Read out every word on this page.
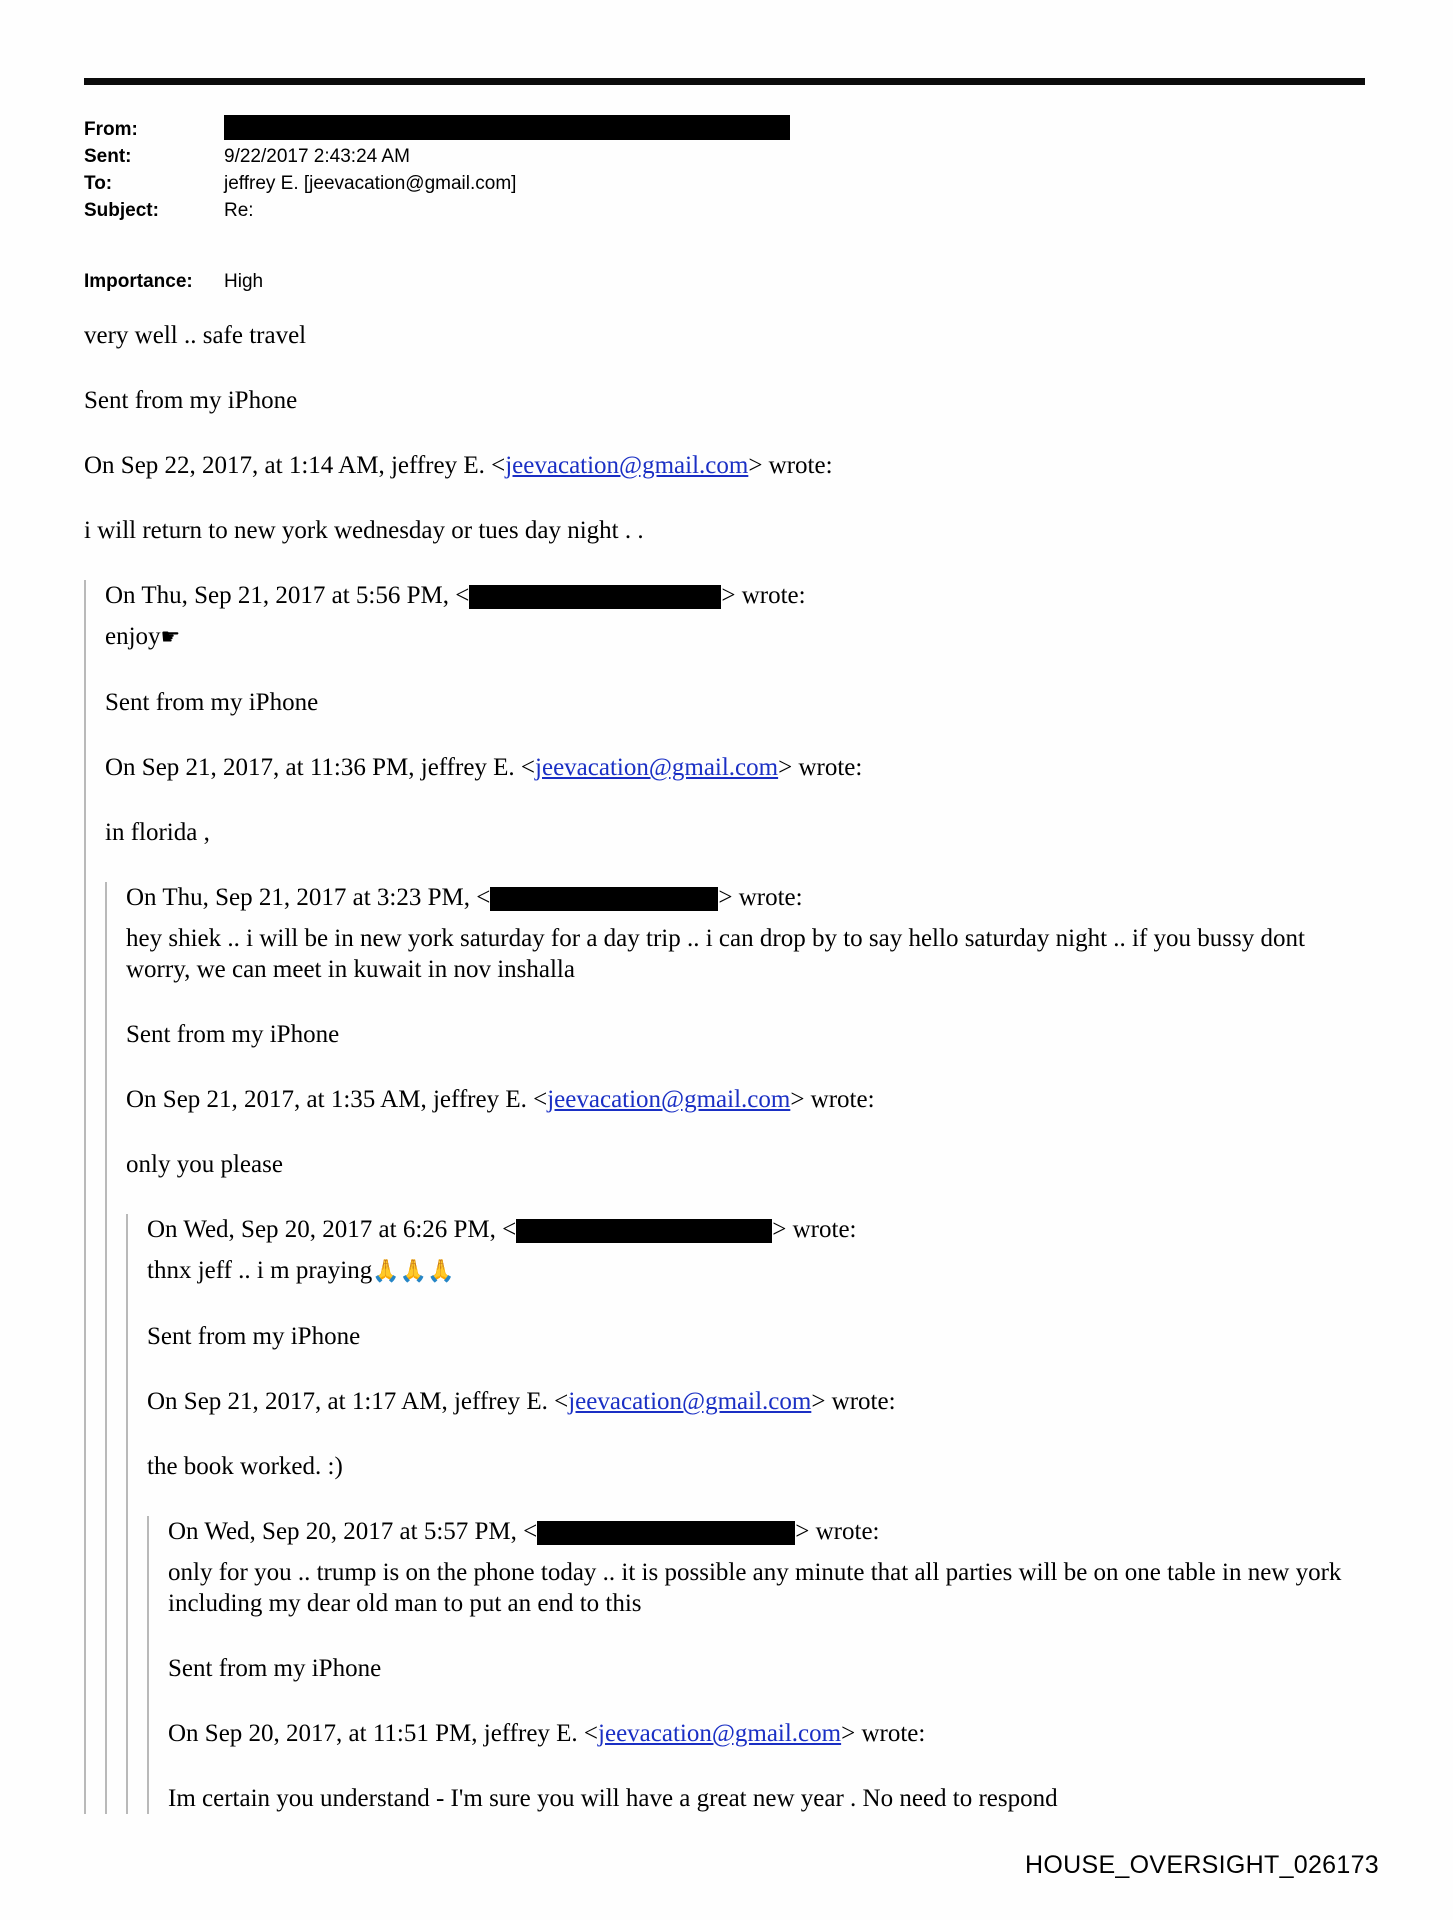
From:
Sent:	9/22/2017 2:43:24 AM
To:	jeffrey E. [jeevacation@gmail.com]
Subject:	Re:
Importance:	High

very well .. safe travel

Sent from my iPhone

On Sep 22, 2017, at 1:14 AM, jeffrey E. <jeevacation@gmail.com> wrote:

i will return to new york wednesday or tues day night . .

On Thu, Sep 21, 2017 at 5:56 PM, <	> wrote:

enjoy☛

Sent from my iPhone

On Sep 21, 2017, at 11:36 PM, jeffrey E. <jeevacation@gmail.com> wrote:

in florida ,

On Thu, Sep 21, 2017 at 3:23 PM, <	> wrote:

hey shiek .. i will be in new york saturday for a day trip .. i can drop by to say hello saturday night .. if you bussy dont worry, we can meet in kuwait in nov inshalla

Sent from my iPhone

On Sep 21, 2017, at 1:35 AM, jeffrey E. <jeevacation@gmail.com> wrote:

only you please

On Wed, Sep 20, 2017 at 6:26 PM, <	> wrote:

thnx jeff .. i m praying🙏🙏🙏

Sent from my iPhone

On Sep 21, 2017, at 1:17 AM, jeffrey E. <jeevacation@gmail.com> wrote:

the book worked. :)

On Wed, Sep 20, 2017 at 5:57 PM, <	> wrote:

only for you .. trump is on the phone today .. it is possible any minute that all parties will be on one table in new york including my dear old man to put an end to this

Sent from my iPhone

On Sep 20, 2017, at 11:51 PM, jeffrey E. <jeevacation@gmail.com> wrote:

Im certain you understand - I'm sure you will have a great new year . No need to respond

HOUSE_OVERSIGHT_026173
